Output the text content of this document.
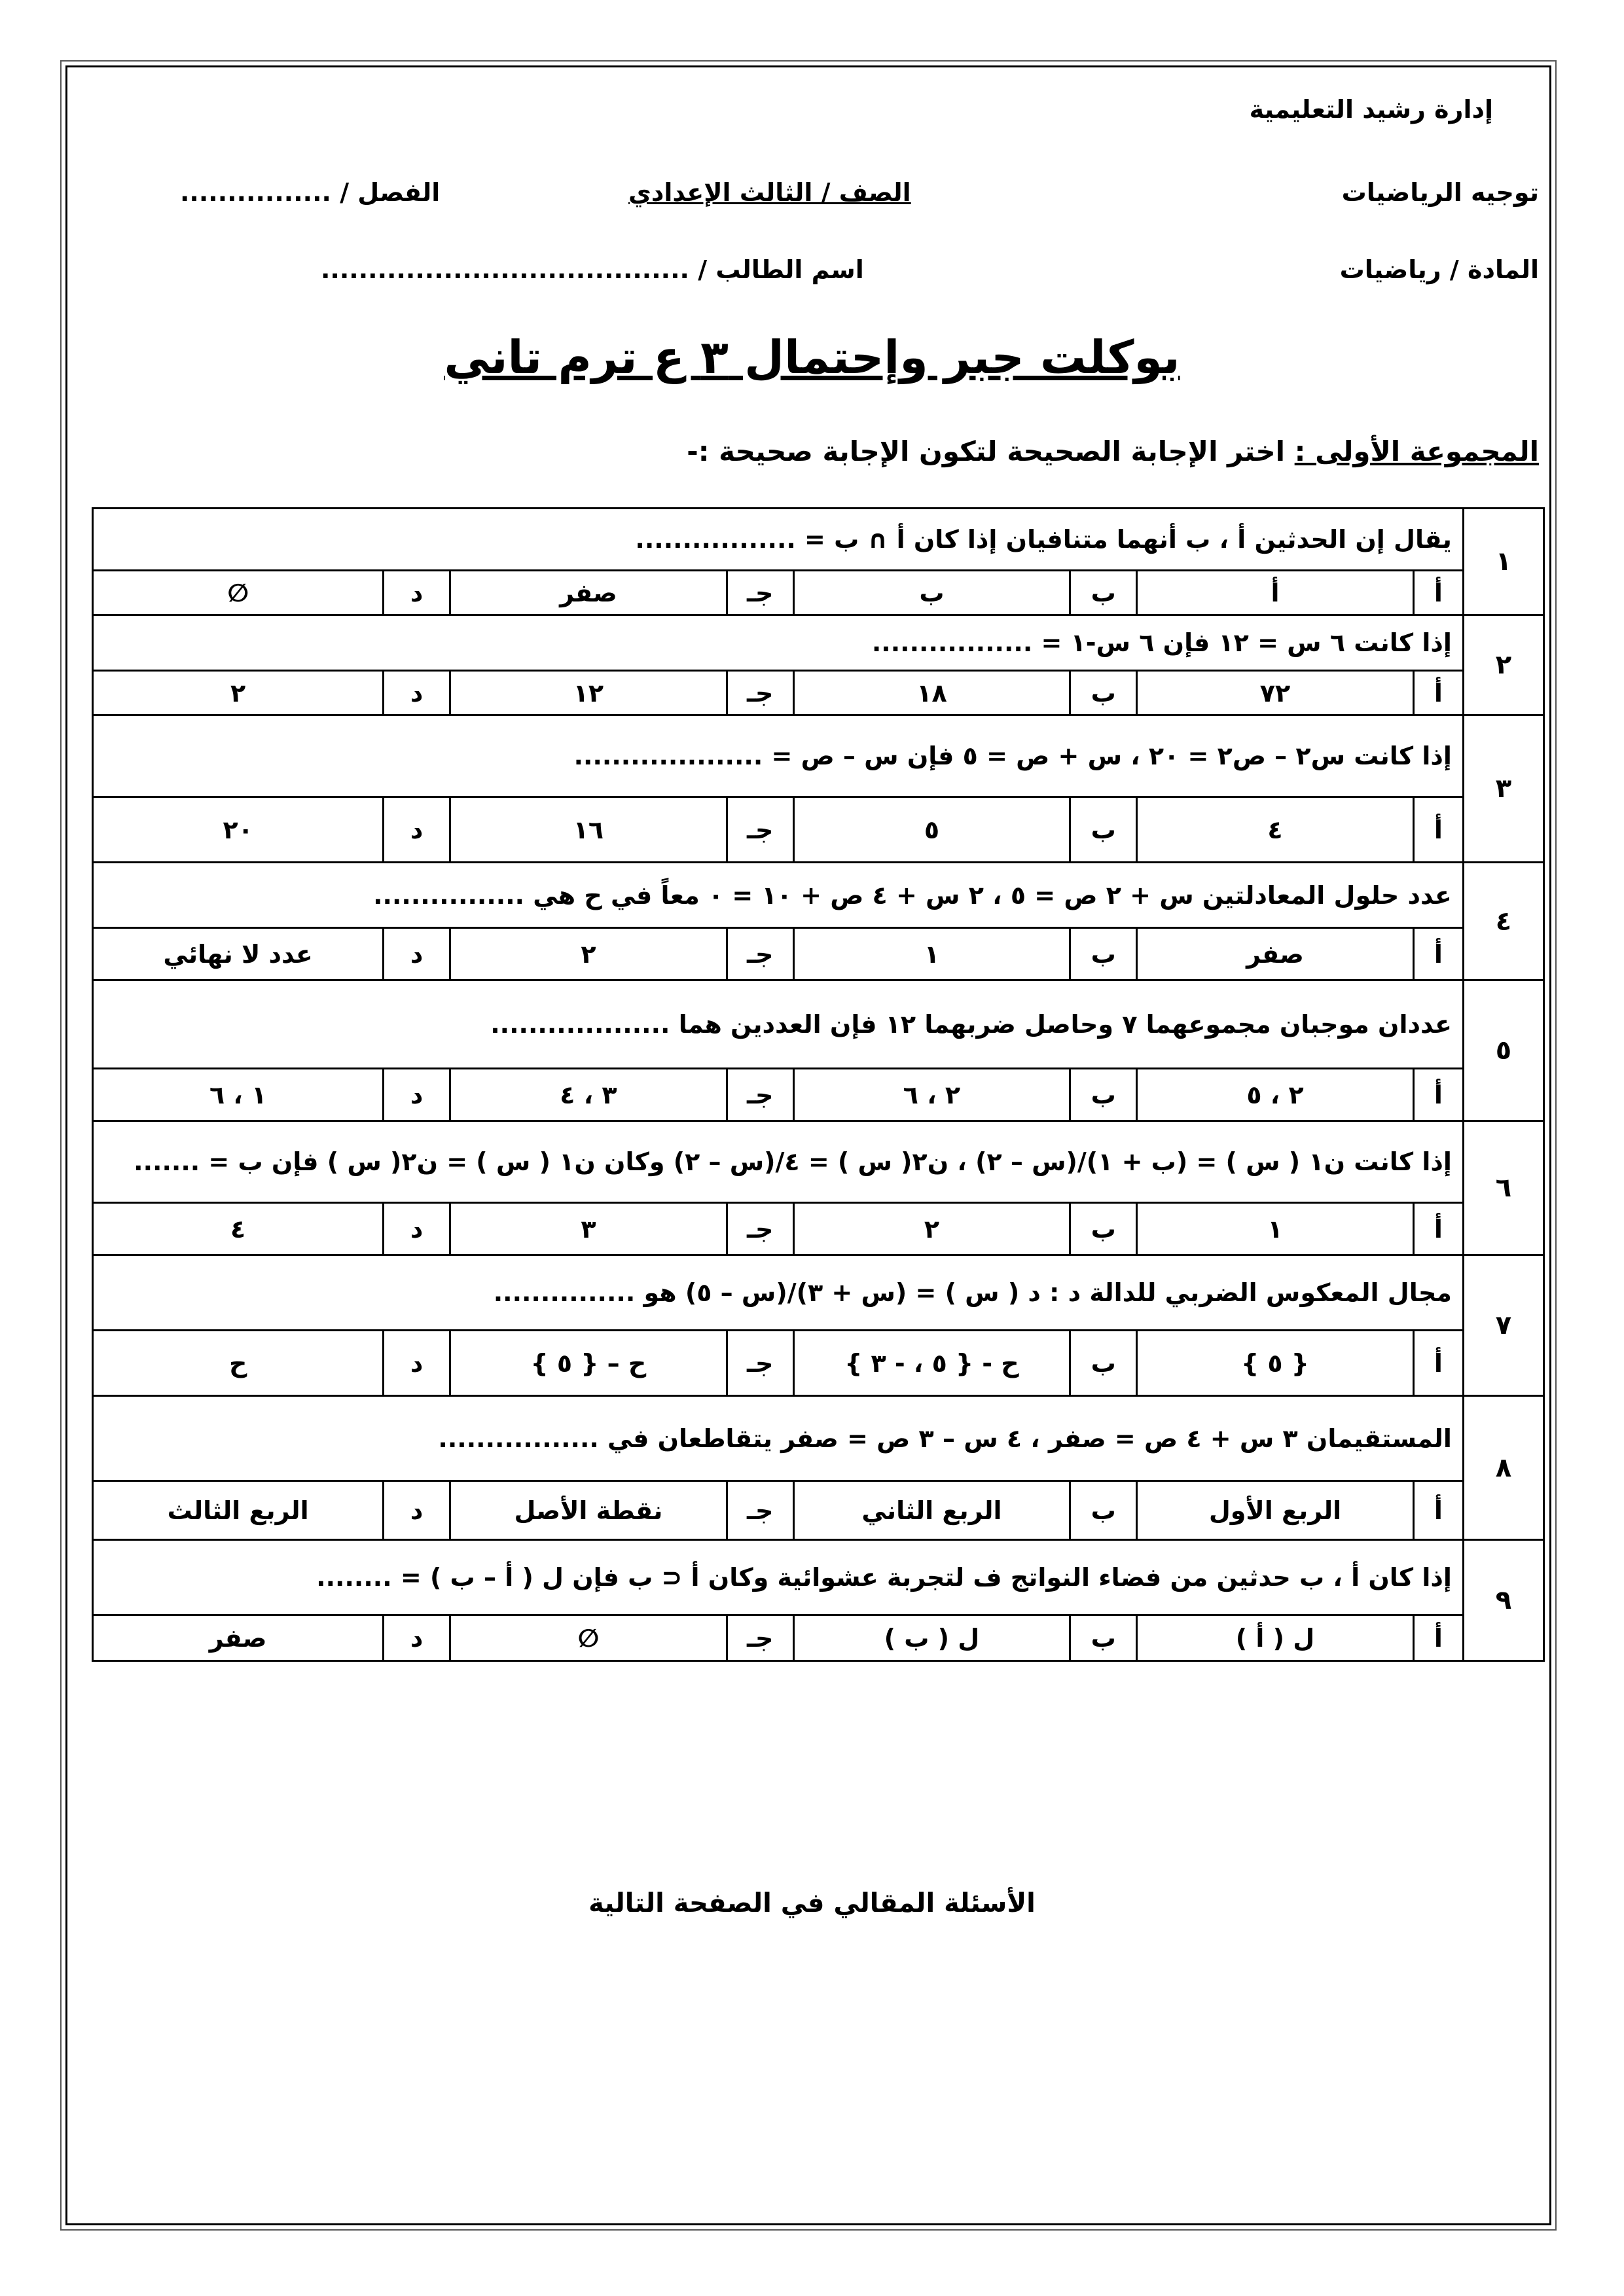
إدارة رشيد التعليمية
توجيه الرياضيات
الصف / الثالث الإعدادي
الفصل / ................
المادة / رياضيات
اسم الطالب / .......................................
بوكلت جبر وإحتمال ٣ ع ترم تاني
المجموعة الأولى : اختر الإجابة الصحيحة لتكون الإجابة صحيحة :-
١	يقال إن الحدثين أ ، ب أنهما متنافيان إذا كان أ ∩ ب = .................							
	أ	أ	ب	ب	جـ	صفر	د	∅
٢	إذا كانت ٦ س = ١٢ فإن ٦ س-١ = .................							
	أ	٧٢	ب	١٨	جـ	١٢	د	٢
٣	إذا كانت س٢ – ص٢ = ٢٠ ، س + ص = ٥ فإن س – ص = ....................							
	أ	٤	ب	٥	جـ	١٦	د	٢٠
٤	عدد حلول المعادلتين س + ٢ ص = ٥ ، ٢ س + ٤ ص + ١٠ = ٠ معاً في ح هي ................							
	أ	صفر	ب	١	جـ	٢	د	عدد لا نهائي
٥	عددان موجبان مجموعهما ٧ وحاصل ضربهما ١٢ فإن العددين هما ...................							
	أ	٢ ، ٥	ب	٢ ، ٦	جـ	٣ ، ٤	د	١ ، ٦
٦	إذا كانت ن١ ( س ) = (ب + ١)/(س – ٢) ، ن٢( س ) = ٤/(س – ٢) وكان ن١ ( س ) = ن٢( س ) فإن ب = .......							
	أ	١	ب	٢	جـ	٣	د	٤
٧	مجال المعكوس الضربي للدالة د : د ( س ) = (س + ٣)/(س – ٥) هو ...............							
	أ	{ ٥ }	ب	ح - { ٥ ، - ٣ }	جـ	ح – { ٥ }	د	ح
٨	المستقيمان ٣ س + ٤ ص = صفر ، ٤ س – ٣ ص = صفر يتقاطعان في .................							
	أ	الربع الأول	ب	الربع الثاني	جـ	نقطة الأصل	د	الربع الثالث
٩	إذا كان أ ، ب حدثين من فضاء النواتج ف لتجربة عشوائية وكان أ ⊂ ب فإن ل ( أ – ب ) = ........							
	أ	ل ( أ )	ب	ل ( ب )	جـ	∅	د	صفر
الأسئلة المقالي في الصفحة التالية
